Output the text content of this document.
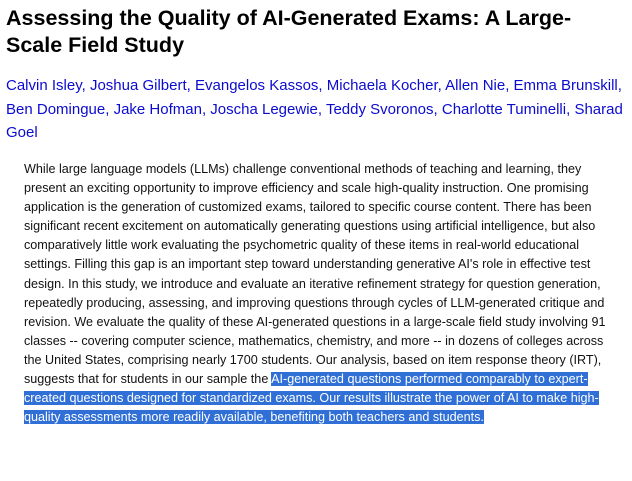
Assessing the Quality of AI-Generated Exams: A Large-Scale Field Study
Calvin Isley, Joshua Gilbert, Evangelos Kassos, Michaela Kocher, Allen Nie, Emma Brunskill, Ben Domingue, Jake Hofman, Joscha Legewie, Teddy Svoronos, Charlotte Tuminelli, Sharad Goel

While large language models (LLMs) challenge conventional methods of teaching and learning, they present an exciting opportunity to improve efficiency and scale high-quality instruction. One promising application is the generation of customized exams, tailored to specific course content. There has been significant recent excitement on automatically generating questions using artificial intelligence, but also comparatively little work evaluating the psychometric quality of these items in real-world educational settings. Filling this gap is an important step toward understanding generative AI's role in effective test design. In this study, we introduce and evaluate an iterative refinement strategy for question generation, repeatedly producing, assessing, and improving questions through cycles of LLM-generated critique and revision. We evaluate the quality of these AI-generated questions in a large-scale field study involving 91 classes -- covering computer science, mathematics, chemistry, and more -- in dozens of colleges across the United States, comprising nearly 1700 students. Our analysis, based on item response theory (IRT), suggests that for students in our sample the AI-generated questions performed comparably to expert-created questions designed for standardized exams. Our results illustrate the power of AI to make high-quality assessments more readily available, benefiting both teachers and students.
